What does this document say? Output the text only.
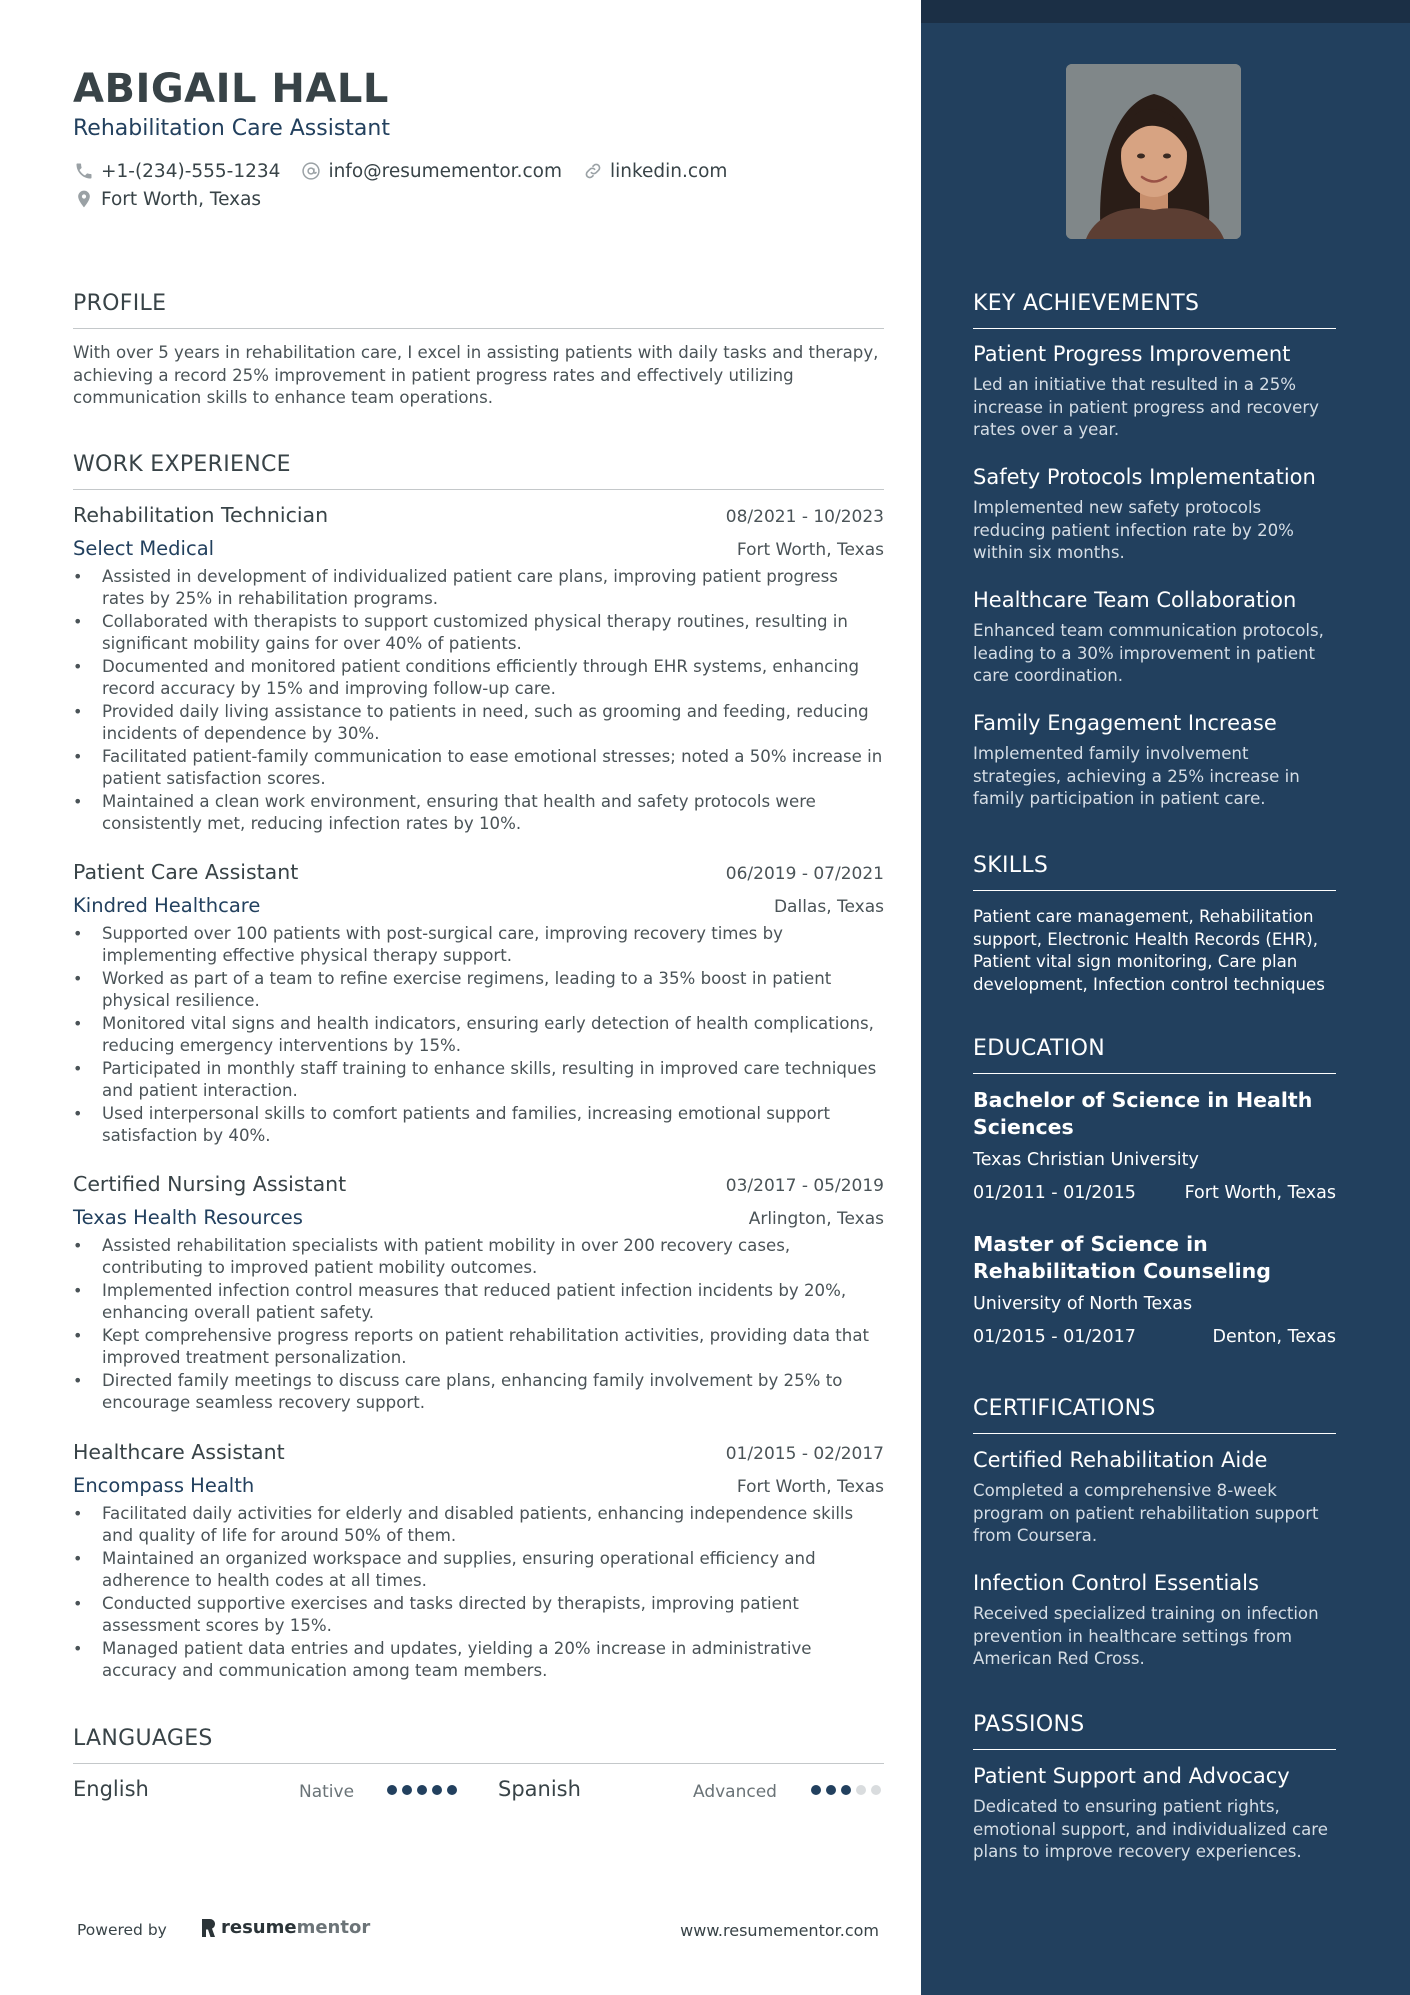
ABIGAIL HALL
Rehabilitation Care Assistant
+1-(234)-555-1234	info@resumementor.com	linkedin.com
Fort Worth, Texas
PROFILE
With over 5 years in rehabilitation care, I excel in assisting patients with daily tasks and therapy, achieving a record 25% improvement in patient progress rates and effectively utilizing communication skills to enhance team operations.
WORK EXPERIENCE
Rehabilitation Technician	08/2021 - 10/2023
Select Medical	Fort Worth, Texas
• Assisted in development of individualized patient care plans, improving patient progress rates by 25% in rehabilitation programs.
• Collaborated with therapists to support customized physical therapy routines, resulting in significant mobility gains for over 40% of patients.
• Documented and monitored patient conditions efficiently through EHR systems, enhancing record accuracy by 15% and improving follow-up care.
• Provided daily living assistance to patients in need, such as grooming and feeding, reducing incidents of dependence by 30%.
• Facilitated patient-family communication to ease emotional stresses; noted a 50% increase in patient satisfaction scores.
• Maintained a clean work environment, ensuring that health and safety protocols were consistently met, reducing infection rates by 10%.
Patient Care Assistant	06/2019 - 07/2021
Kindred Healthcare	Dallas, Texas
• Supported over 100 patients with post-surgical care, improving recovery times by implementing effective physical therapy support.
• Worked as part of a team to refine exercise regimens, leading to a 35% boost in patient physical resilience.
• Monitored vital signs and health indicators, ensuring early detection of health complications, reducing emergency interventions by 15%.
• Participated in monthly staff training to enhance skills, resulting in improved care techniques and patient interaction.
• Used interpersonal skills to comfort patients and families, increasing emotional support satisfaction by 40%.
Certified Nursing Assistant	03/2017 - 05/2019
Texas Health Resources	Arlington, Texas
• Assisted rehabilitation specialists with patient mobility in over 200 recovery cases, contributing to improved patient mobility outcomes.
• Implemented infection control measures that reduced patient infection incidents by 20%, enhancing overall patient safety.
• Kept comprehensive progress reports on patient rehabilitation activities, providing data that improved treatment personalization.
• Directed family meetings to discuss care plans, enhancing family involvement by 25% to encourage seamless recovery support.
Healthcare Assistant	01/2015 - 02/2017
Encompass Health	Fort Worth, Texas
• Facilitated daily activities for elderly and disabled patients, enhancing independence skills and quality of life for around 50% of them.
• Maintained an organized workspace and supplies, ensuring operational efficiency and adherence to health codes at all times.
• Conducted supportive exercises and tasks directed by therapists, improving patient assessment scores by 15%.
• Managed patient data entries and updates, yielding a 20% increase in administrative accuracy and communication among team members.
LANGUAGES
English	Native	Spanish	Advanced
Powered by	resume mentor	www.resumementor.com
KEY ACHIEVEMENTS
Patient Progress Improvement
Led an initiative that resulted in a 25% increase in patient progress and recovery rates over a year.
Safety Protocols Implementation
Implemented new safety protocols reducing patient infection rate by 20% within six months.
Healthcare Team Collaboration
Enhanced team communication protocols, leading to a 30% improvement in patient care coordination.
Family Engagement Increase
Implemented family involvement strategies, achieving a 25% increase in family participation in patient care.
SKILLS
Patient care management, Rehabilitation support, Electronic Health Records (EHR), Patient vital sign monitoring, Care plan development, Infection control techniques
EDUCATION
Bachelor of Science in Health Sciences
Texas Christian University
01/2011 - 01/2015	Fort Worth, Texas
Master of Science in Rehabilitation Counseling
University of North Texas
01/2015 - 01/2017	Denton, Texas
CERTIFICATIONS
Certified Rehabilitation Aide
Completed a comprehensive 8-week program on patient rehabilitation support from Coursera.
Infection Control Essentials
Received specialized training on infection prevention in healthcare settings from American Red Cross.
PASSIONS
Patient Support and Advocacy
Dedicated to ensuring patient rights, emotional support, and individualized care plans to improve recovery experiences.
